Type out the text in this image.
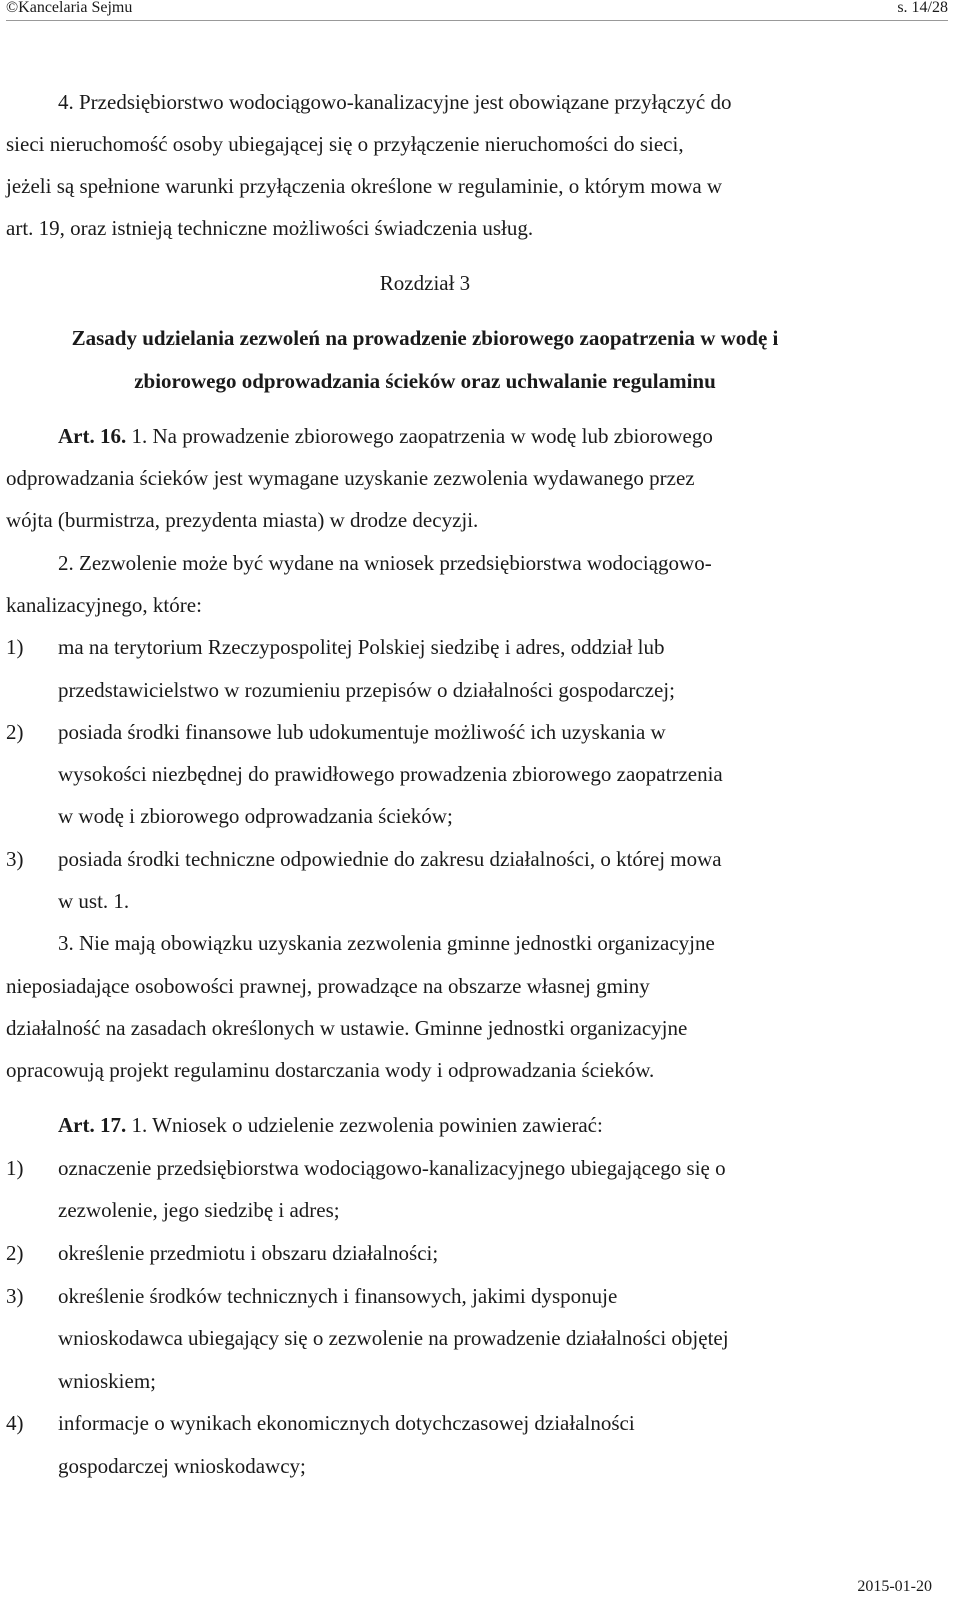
©Kancelaria Sejmu	s. 14/28
4. Przedsiębiorstwo wodociągowo-kanalizacyjne jest obowiązane przyłączyć do
sieci nieruchomość osoby ubiegającej się o przyłączenie nieruchomości do sieci,
jeżeli są spełnione warunki przyłączenia określone w regulaminie, o którym mowa w
art. 19, oraz istnieją techniczne możliwości świadczenia usług.
Rozdział 3
Zasady udzielania zezwoleń na prowadzenie zbiorowego zaopatrzenia w wodę i
zbiorowego odprowadzania ścieków oraz uchwalanie regulaminu
Art. 16. 1. Na prowadzenie zbiorowego zaopatrzenia w wodę lub zbiorowego
odprowadzania ścieków jest wymagane uzyskanie zezwolenia wydawanego przez
wójta (burmistrza, prezydenta miasta) w drodze decyzji.
2. Zezwolenie może być wydane na wniosek przedsiębiorstwa wodociągowo-
kanalizacyjnego, które:
1) ma na terytorium Rzeczypospolitej Polskiej siedzibę i adres, oddział lub
przedstawicielstwo w rozumieniu przepisów o działalności gospodarczej;
2) posiada środki finansowe lub udokumentuje możliwość ich uzyskania w
wysokości niezbędnej do prawidłowego prowadzenia zbiorowego zaopatrzenia
w wodę i zbiorowego odprowadzania ścieków;
3) posiada środki techniczne odpowiednie do zakresu działalności, o której mowa
w ust. 1.
3. Nie mają obowiązku uzyskania zezwolenia gminne jednostki organizacyjne
nieposiadające osobowości prawnej, prowadzące na obszarze własnej gminy
działalność na zasadach określonych w ustawie. Gminne jednostki organizacyjne
opracowują projekt regulaminu dostarczania wody i odprowadzania ścieków.
Art. 17. 1. Wniosek o udzielenie zezwolenia powinien zawierać:
1) oznaczenie przedsiębiorstwa wodociągowo-kanalizacyjnego ubiegającego się o
zezwolenie, jego siedzibę i adres;
2) określenie przedmiotu i obszaru działalności;
3) określenie środków technicznych i finansowych, jakimi dysponuje
wnioskodawca ubiegający się o zezwolenie na prowadzenie działalności objętej
wnioskiem;
4) informacje o wynikach ekonomicznych dotychczasowej działalności
gospodarczej wnioskodawcy;
2015-01-20
